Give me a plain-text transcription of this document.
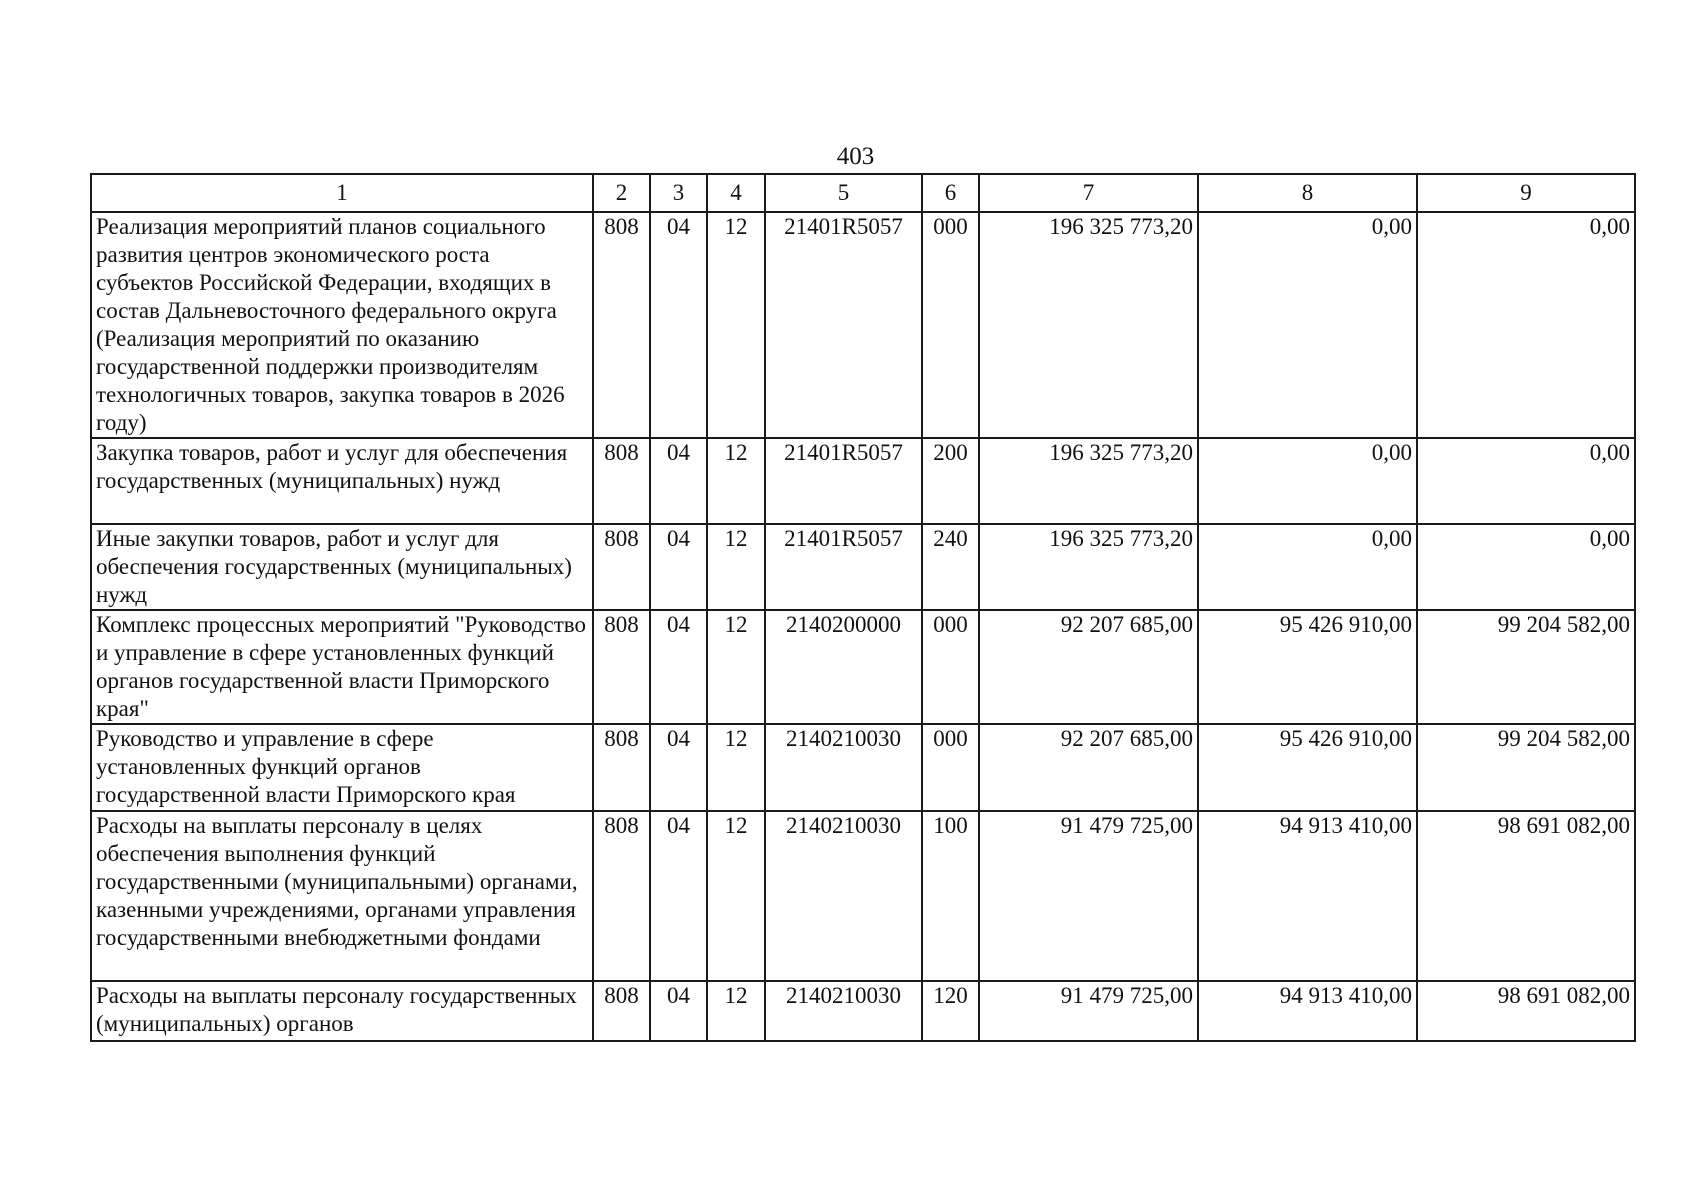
403
1	2	3	4	5	6	7	8	9
Реализация мероприятий планов социального развития центров экономического роста субъектов Российской Федерации, входящих в состав Дальневосточного федерального округа (Реализация мероприятий по оказанию государственной поддержки производителям технологичных товаров, закупка товаров в 2026 году)	808	04	12	21401R5057	000	196 325 773,20	0,00	0,00
Закупка товаров, работ и услуг для обеспечения государственных (муниципальных) нужд	808	04	12	21401R5057	200	196 325 773,20	0,00	0,00
Иные закупки товаров, работ и услуг для обеспечения государственных (муниципальных) нужд	808	04	12	21401R5057	240	196 325 773,20	0,00	0,00
Комплекс процессных мероприятий "Руководство и управление в сфере установленных функций органов государственной власти Приморского края"	808	04	12	2140200000	000	92 207 685,00	95 426 910,00	99 204 582,00
Руководство и управление в сфере установленных функций органов государственной власти Приморского края	808	04	12	2140210030	000	92 207 685,00	95 426 910,00	99 204 582,00
Расходы на выплаты персоналу в целях обеспечения выполнения функций государственными (муниципальными) органами, казенными учреждениями, органами управления государственными внебюджетными фондами	808	04	12	2140210030	100	91 479 725,00	94 913 410,00	98 691 082,00
Расходы на выплаты персоналу государственных (муниципальных) органов	808	04	12	2140210030	120	91 479 725,00	94 913 410,00	98 691 082,00
